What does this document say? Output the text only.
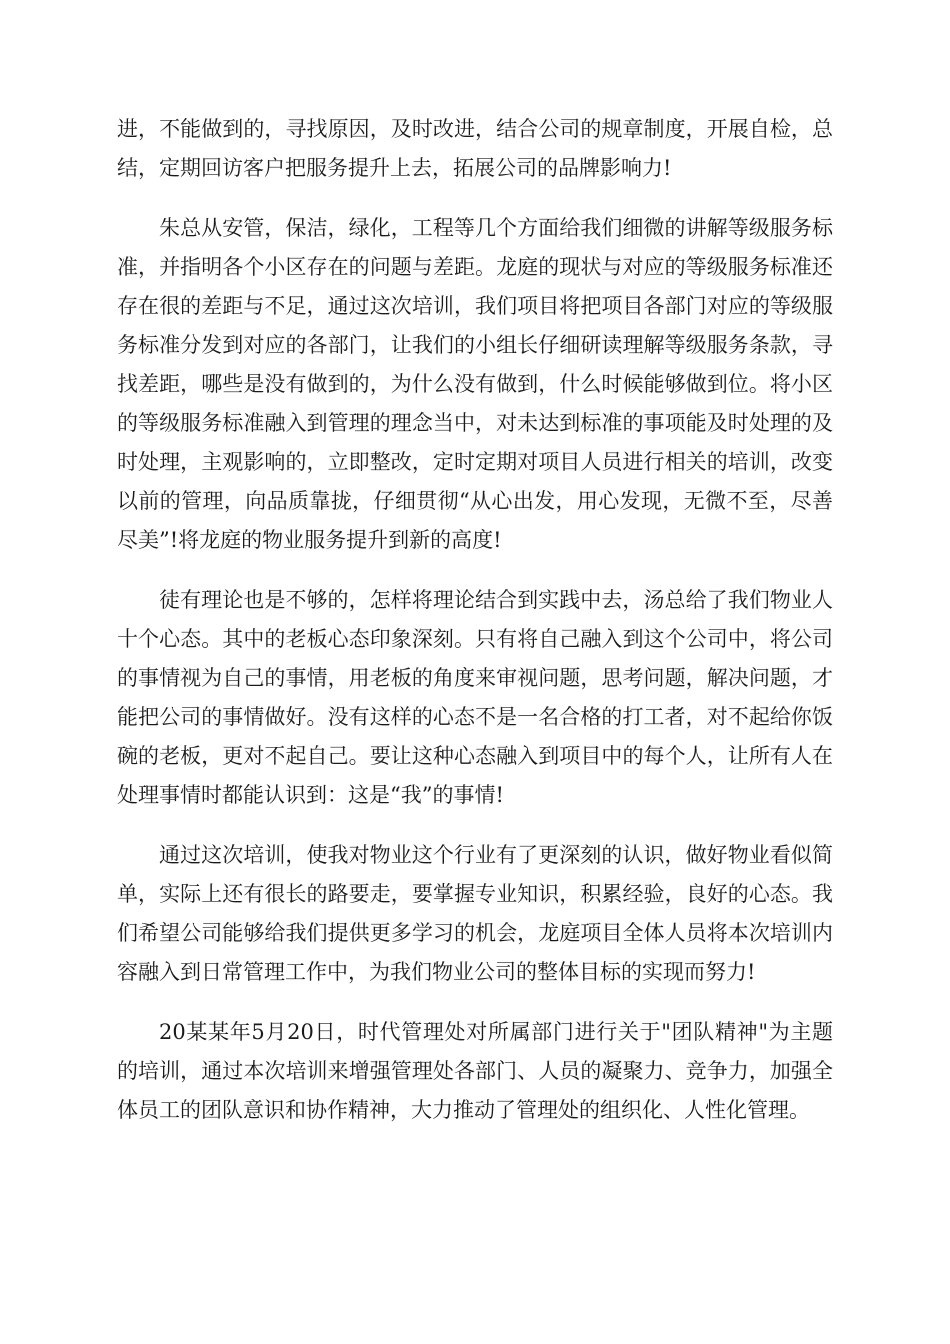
进，不能做到的，寻找原因，及时改进，结合公司的规章制度，开展自检，总结，定期回访客户把服务提升上去，拓展公司的品牌影响力!

朱总从安管，保洁，绿化，工程等几个方面给我们细微的讲解等级服务标准，并指明各个小区存在的问题与差距。龙庭的现状与对应的等级服务标准还存在很的差距与不足，通过这次培训，我们项目将把项目各部门对应的等级服务标准分发到对应的各部门，让我们的小组长仔细研读理解等级服务条款，寻找差距，哪些是没有做到的，为什么没有做到，什么时候能够做到位。将小区的等级服务标准融入到管理的理念当中，对未达到标准的事项能及时处理的及时处理，主观影响的，立即整改，定时定期对项目人员进行相关的培训，改变以前的管理，向品质靠拢，仔细贯彻“从心出发，用心发现，无微不至，尽善尽美”!将龙庭的物业服务提升到新的高度!

徒有理论也是不够的，怎样将理论结合到实践中去，汤总给了我们物业人十个心态。其中的老板心态印象深刻。只有将自己融入到这个公司中，将公司的事情视为自己的事情，用老板的角度来审视问题，思考问题，解决问题，才能把公司的事情做好。没有这样的心态不是一名合格的打工者，对不起给你饭碗的老板，更对不起自己。要让这种心态融入到项目中的每个人，让所有人在处理事情时都能认识到：这是“我”的事情!

通过这次培训，使我对物业这个行业有了更深刻的认识，做好物业看似简单，实际上还有很长的路要走，要掌握专业知识，积累经验，良好的心态。我们希望公司能够给我们提供更多学习的机会，龙庭项目全体人员将本次培训内容融入到日常管理工作中，为我们物业公司的整体目标的实现而努力!

20某某年5月20日，时代管理处对所属部门进行关于"团队精神"为主题的培训，通过本次培训来增强管理处各部门、人员的凝聚力、竞争力，加强全体员工的团队意识和协作精神，大力推动了管理处的组织化、人性化管理。
